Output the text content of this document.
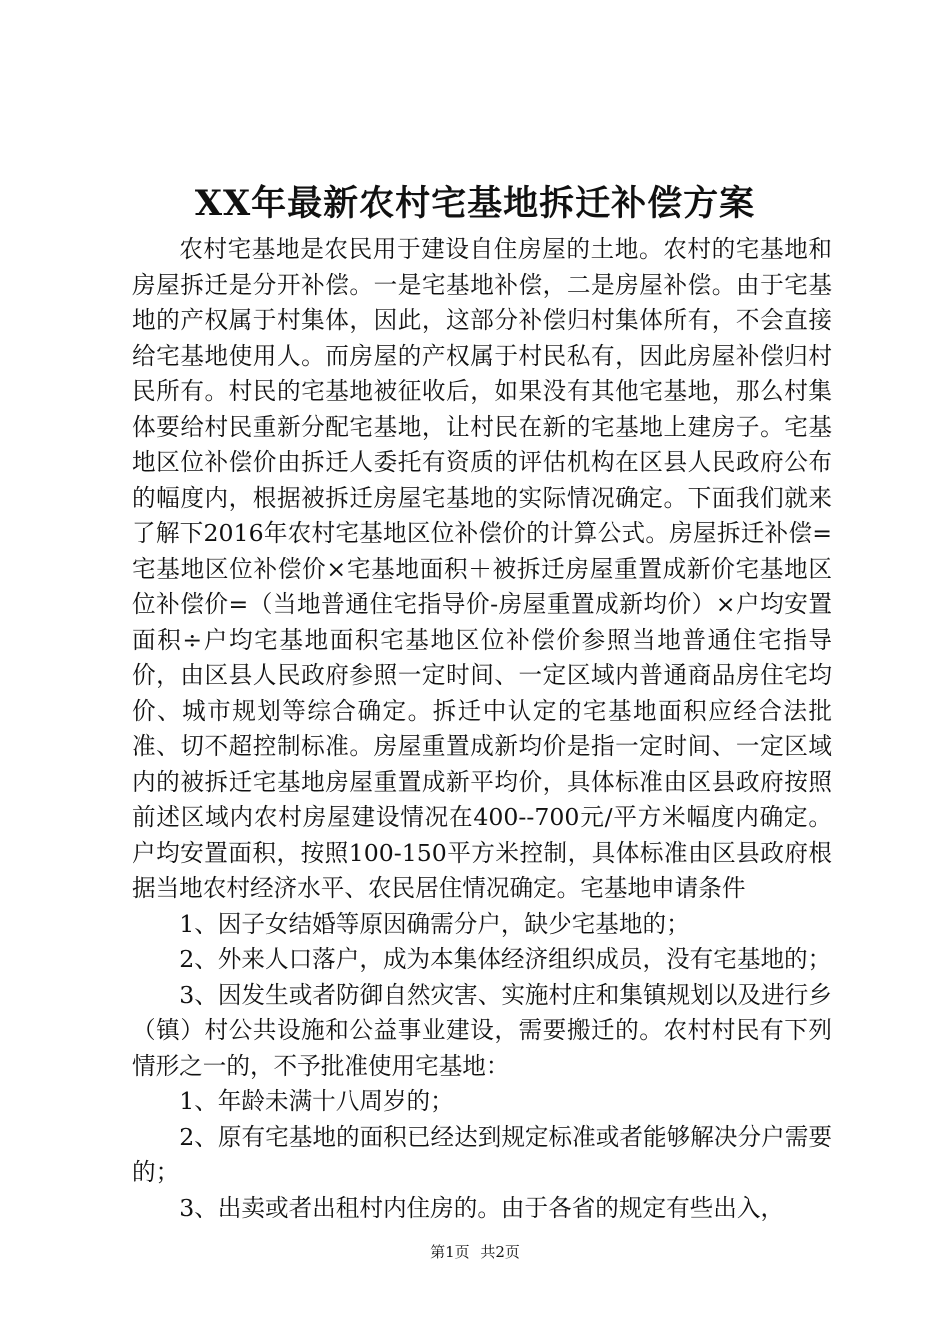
XX年最新农村宅基地拆迁补偿方案

农村宅基地是农民用于建设自住房屋的土地。农村的宅基地和房屋拆迁是分开补偿。一是宅基地补偿，二是房屋补偿。由于宅基地的产权属于村集体，因此，这部分补偿归村集体所有，不会直接给宅基地使用人。而房屋的产权属于村民私有，因此房屋补偿归村民所有。村民的宅基地被征收后，如果没有其他宅基地，那么村集体要给村民重新分配宅基地，让村民在新的宅基地上建房子。宅基地区位补偿价由拆迁人委托有资质的评估机构在区县人民政府公布的幅度内，根据被拆迁房屋宅基地的实际情况确定。下面我们就来了解下2016年农村宅基地区位补偿价的计算公式。房屋拆迁补偿=宅基地区位补偿价×宅基地面积＋被拆迁房屋重置成新价宅基地区位补偿价=（当地普通住宅指导价-房屋重置成新均价）×户均安置面积÷户均宅基地面积宅基地区位补偿价参照当地普通住宅指导价，由区县人民政府参照一定时间、一定区域内普通商品房住宅均价、城市规划等综合确定。拆迁中认定的宅基地面积应经合法批准、切不超控制标准。房屋重置成新均价是指一定时间、一定区域内的被拆迁宅基地房屋重置成新平均价，具体标准由区县政府按照前述区域内农村房屋建设情况在400--700元/平方米幅度内确定。户均安置面积，按照100-150平方米控制，具体标准由区县政府根据当地农村经济水平、农民居住情况确定。宅基地申请条件

1、因子女结婚等原因确需分户，缺少宅基地的；

2、外来人口落户，成为本集体经济组织成员，没有宅基地的；

3、因发生或者防御自然灾害、实施村庄和集镇规划以及进行乡（镇）村公共设施和公益事业建设，需要搬迁的。农村村民有下列情形之一的，不予批准使用宅基地：

1、年龄未满十八周岁的；

2、原有宅基地的面积已经达到规定标准或者能够解决分户需要的；

3、出卖或者出租村内住房的。由于各省的规定有些出入，

第1页 共2页
